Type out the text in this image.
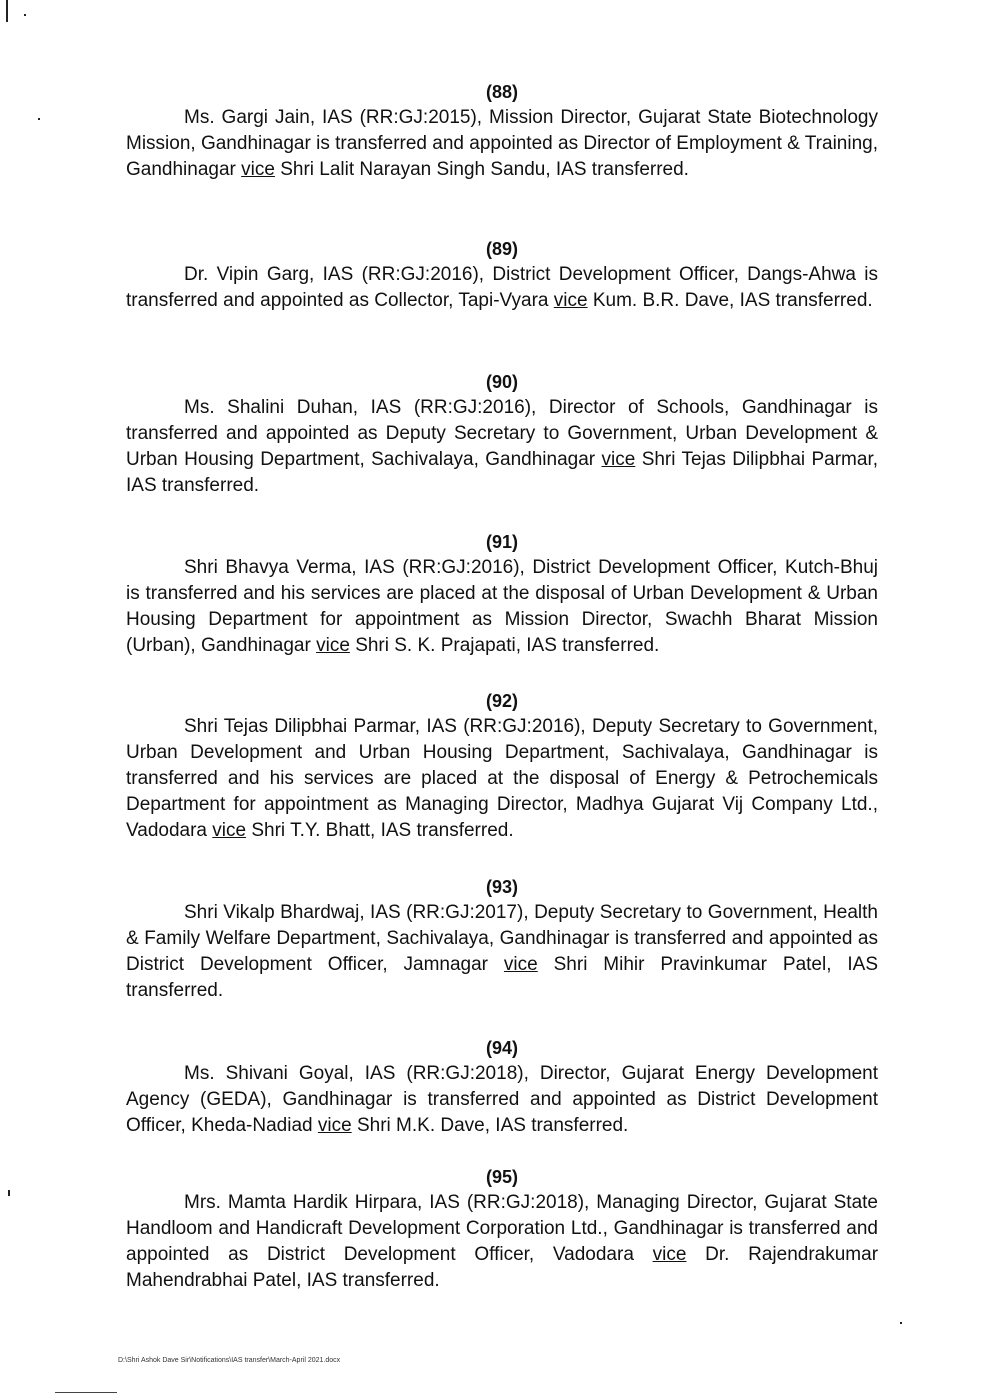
(88)

Ms. Gargi Jain, IAS (RR:GJ:2015), Mission Director, Gujarat State Biotechnology Mission, Gandhinagar is transferred and appointed as Director of Employment & Training, Gandhinagar vice Shri Lalit Narayan Singh Sandu, IAS transferred.

(89)

Dr. Vipin Garg, IAS (RR:GJ:2016), District Development Officer, Dangs-Ahwa is transferred and appointed as Collector, Tapi-Vyara vice Kum. B.R. Dave, IAS transferred.

(90)

Ms. Shalini Duhan, IAS (RR:GJ:2016), Director of Schools, Gandhinagar is transferred and appointed as Deputy Secretary to Government, Urban Development & Urban Housing Department, Sachivalaya, Gandhinagar vice Shri Tejas Dilipbhai Parmar, IAS transferred.

(91)

Shri Bhavya Verma, IAS (RR:GJ:2016), District Development Officer, Kutch-Bhuj is transferred and his services are placed at the disposal of Urban Development & Urban Housing Department for appointment as Mission Director, Swachh Bharat Mission (Urban), Gandhinagar vice Shri S. K. Prajapati, IAS transferred.

(92)

Shri Tejas Dilipbhai Parmar, IAS (RR:GJ:2016), Deputy Secretary to Government, Urban Development and Urban Housing Department, Sachivalaya, Gandhinagar is transferred and his services are placed at the disposal of Energy & Petrochemicals Department for appointment as Managing Director, Madhya Gujarat Vij Company Ltd., Vadodara vice Shri T.Y. Bhatt, IAS transferred.

(93)

Shri Vikalp Bhardwaj, IAS (RR:GJ:2017), Deputy Secretary to Government, Health & Family Welfare Department, Sachivalaya, Gandhinagar is transferred and appointed as District Development Officer, Jamnagar vice Shri Mihir Pravinkumar Patel, IAS transferred.

(94)

Ms. Shivani Goyal, IAS (RR:GJ:2018), Director, Gujarat Energy Development Agency (GEDA), Gandhinagar is transferred and appointed as District Development Officer, Kheda-Nadiad vice Shri M.K. Dave, IAS transferred.

(95)

Mrs. Mamta Hardik Hirpara, IAS (RR:GJ:2018), Managing Director, Gujarat State Handloom and Handicraft Development Corporation Ltd., Gandhinagar is transferred and appointed as District Development Officer, Vadodara vice Dr. Rajendrakumar Mahendrabhai Patel, IAS transferred.

D:\Shri Ashok Dave Sir\Notifications\IAS transfer\March-April 2021.docx
